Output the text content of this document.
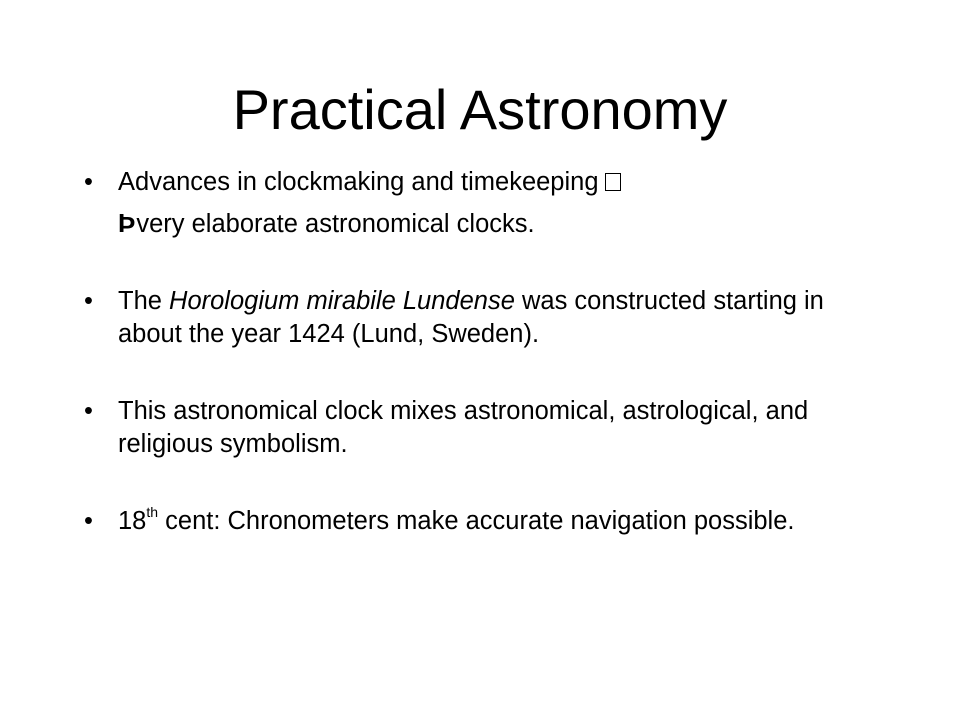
Practical Astronomy
• Advances in clockmaking and timekeeping
Þvery elaborate astronomical clocks.
• The Horologium mirabile Lundense was constructed starting in about the year 1424 (Lund, Sweden).
• This astronomical clock mixes astronomical, astrological, and religious symbolism.
• 18th cent: Chronometers make accurate navigation possible.
